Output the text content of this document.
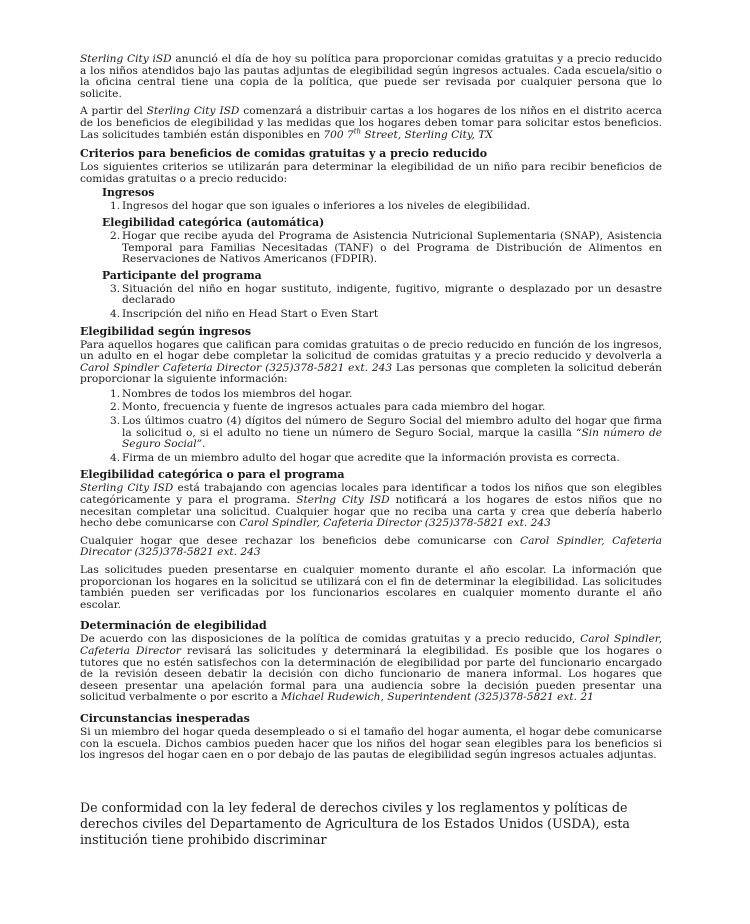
Sterling City iSD anunció el día de hoy su política para proporcionar comidas gratuitas y a precio reducido a los niños atendidos bajo las pautas adjuntas de elegibilidad según ingresos actuales. Cada escuela/sitio o la oficina central tiene una copia de la política, que puede ser revisada por cualquier persona que lo solicite.

A partir del Sterling City ISD comenzará a distribuir cartas a los hogares de los niños en el distrito acerca de los beneficios de elegibilidad y las medidas que los hogares deben tomar para solicitar estos beneficios. Las solicitudes también están disponibles en 700 7th Street, Sterling City, TX

Criterios para beneficios de comidas gratuitas y a precio reducido

Los siguientes criterios se utilizarán para determinar la elegibilidad de un niño para recibir beneficios de comidas gratuitas o a precio reducido:

Ingresos
1. Ingresos del hogar que son iguales o inferiores a los niveles de elegibilidad.
Elegibilidad categórica (automática)
2. Hogar que recibe ayuda del Programa de Asistencia Nutricional Suplementaria (SNAP), Asistencia Temporal para Familias Necesitadas (TANF) o del Programa de Distribución de Alimentos en Reservaciones de Nativos Americanos (FDPIR).
Participante del programa
3. Situación del niño en hogar sustituto, indigente, fugitivo, migrante o desplazado por un desastre declarado
4. Inscripción del niño en Head Start o Even Start
Elegibilidad según ingresos

Para aquellos hogares que califican para comidas gratuitas o de precio reducido en función de los ingresos, un adulto en el hogar debe completar la solicitud de comidas gratuitas y a precio reducido y devolverla a Carol Spindler Cafeteria Director (325)378-5821 ext. 243 Las personas que completen la solicitud deberán proporcionar la siguiente información:

1. Nombres de todos los miembros del hogar.
2. Monto, frecuencia y fuente de ingresos actuales para cada miembro del hogar.
3. Los últimos cuatro (4) dígitos del número de Seguro Social del miembro adulto del hogar que firma la solicitud o, si el adulto no tiene un número de Seguro Social, marque la casilla “Sin número de Seguro Social”.
4. Firma de un miembro adulto del hogar que acredite que la información provista es correcta.
Elegibilidad categórica o para el programa

Sterling City ISD está trabajando con agencias locales para identificar a todos los niños que son elegibles categóricamente y para el programa. Sterlng City ISD notificará a los hogares de estos niños que no necesitan completar una solicitud. Cualquier hogar que no reciba una carta y crea que debería haberlo hecho debe comunicarse con Carol Spindler, Cafeteria Director (325)378-5821 ext. 243

Cualquier hogar que desee rechazar los beneficios debe comunicarse con Carol Spindler, Cafeteria Direcator (325)378-5821 ext. 243

Las solicitudes pueden presentarse en cualquier momento durante el año escolar. La información que proporcionan los hogares en la solicitud se utilizará con el fin de determinar la elegibilidad. Las solicitudes también pueden ser verificadas por los funcionarios escolares en cualquier momento durante el año escolar.

Determinación de elegibilidad

De acuerdo con las disposiciones de la política de comidas gratuitas y a precio reducido, Carol Spindler, Cafeteria Director revisará las solicitudes y determinará la elegibilidad. Es posible que los hogares o tutores que no estén satisfechos con la determinación de elegibilidad por parte del funcionario encargado de la revisión deseen debatir la decisión con dicho funcionario de manera informal. Los hogares que deseen presentar una apelación formal para una audiencia sobre la decisión pueden presentar una solicitud verbalmente o por escrito a Michael Rudewich, Superintendent (325)378-5821 ext. 21

Circunstancias inesperadas

Si un miembro del hogar queda desempleado o si el tamaño del hogar aumenta, el hogar debe comunicarse con la escuela. Dichos cambios pueden hacer que los niños del hogar sean elegibles para los beneficios si los ingresos del hogar caen en o por debajo de las pautas de elegibilidad según ingresos actuales adjuntas.

De conformidad con la ley federal de derechos civiles y los reglamentos y políticas de derechos civiles del Departamento de Agricultura de los Estados Unidos (USDA), esta institución tiene prohibido discriminar
